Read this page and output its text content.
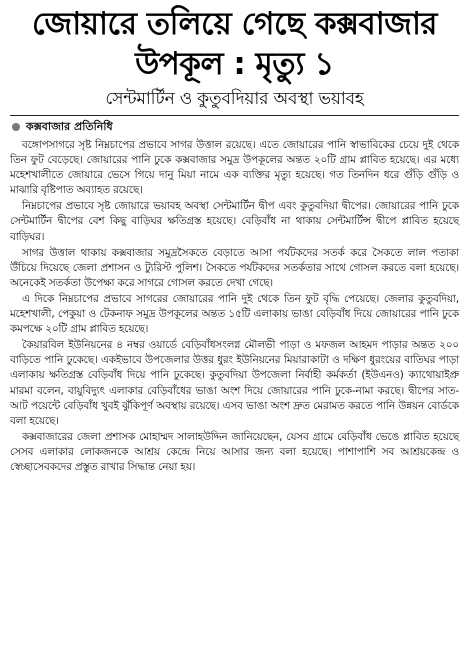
জোয়ারে তলিয়ে গেছে কক্সবাজার
উপকূল : মৃত্যু ১
সেন্টমার্টিন ও কুতুবদিয়ার অবস্থা ভয়াবহ
কক্সবাজার প্রতিনিধি

বঙ্গোপসাগরে সৃষ্ট নিম্নচাপের প্রভাবে সাগর উত্তাল রয়েছে। এতে জোয়ারের পানি স্বাভাবিকের চেয়ে দুই থেকে তিন ফুট বেড়েছে। জোয়ারের পানি ঢুকে কক্সবাজার সমুদ্র উপকূলের অন্তত ২০টি গ্রাম প্লাবিত হয়েছে। এর মধ্যে মহেশখালীতে জোয়ারে ভেসে গিয়ে দানু মিয়া নামে এক ব্যক্তির মৃত্যু হয়েছে। গত তিনদিন ধরে গুঁড়ি গুঁড়ি ও মাঝারি বৃষ্টিপাত অব্যাহত রয়েছে।

নিম্নচাপের প্রভাবে সৃষ্ট জোয়ারে ভয়াবহ অবস্থা সেন্টমার্টিন দ্বীপ এবং কুতুবদিয়া দ্বীপের। জোয়ারের পানি ঢুকে সেন্টমার্টিন দ্বীপের বেশ কিছু বাড়িঘর ক্ষতিগ্রস্ত হয়েছে। বেড়িবাঁধ না থাকায় সেন্টমার্টিন্স দ্বীপে প্লাবিত হয়েছে বাড়িঘর।

সাগর উত্তাল থাকায় কক্সবাজার সমুদ্রসৈকতে বেড়াতে আসা পর্যটকদের সতর্ক করে সৈকতে লাল পতাকা উঁচিয়ে দিয়েছে জেলা প্রশাসন ও ট্যুরিস্ট পুলিশ। সৈকতে পর্যটকদের সতর্কতার সাথে গোসল করতে বলা হয়েছে। অনেকেই সতর্কতা উপেক্ষা করে সাগরে গোসল করতে দেখা গেছে।

এ দিকে নিম্নচাপের প্রভাবে সাগরের জোয়ারের পানি দুই থেকে তিন ফুট বৃদ্ধি পেয়েছে। জেলার কুতুবদিয়া, মহেশখালী, পেকুয়া ও টেকনাফ সমুদ্র উপকূলের অন্তত ১৫টি এলাকায় ভাঙা বেড়িবাঁধ দিয়ে জোয়ারের পানি ঢুকে কমপক্ষে ২০টি গ্রাম প্লাবিত হয়েছে।

কৈয়ারবিল ইউনিয়নের ৪ নম্বর ওয়ার্ডে বেড়িবাঁধসংলগ্ন মৌলভী পাড়া ও মফজল আহমদ পাড়ার অন্তত ২০০ বাড়িতে পানি ঢুকেছে। একইভাবে উপজেলার উত্তর ধুরং ইউনিয়নের মিয়ারাকাটা ও দক্ষিণ ধুরংয়ের বাতিঘর পাড়া এলাকায় ক্ষতিগ্রস্ত বেড়িবাঁধ দিয়ে পানি ঢুকেছে। কুতুবদিয়া উপজেলা নির্বাহী কর্মকর্তা (ইউএনও) ক্যাথোয়াইপ্রু মারমা বলেন, বায়ুবিদ্যুৎ এলাকার বেড়িবাঁধের ভাঙা অংশ দিয়ে জোয়ারের পানি ঢুকে-নামা করছে। দ্বীপের সাত-আট পয়েন্টে বেড়িবাঁধ খুবই ঝুঁকিপূর্ণ অবস্থায় রয়েছে। এসব ভাঙা অংশ দ্রুত মেরামত করতে পানি উন্নয়ন বোর্ডকে বলা হয়েছে।

কক্সবাজারের জেলা প্রশাসক মোহাম্মদ সালাহউদ্দিন জানিয়েছেন, যেসব গ্রামে বেড়িবাঁধ ভেঙে প্লাবিত হয়েছে সেসব এলাকার লোকজনকে আশ্রয় কেন্দ্রে নিয়ে আসার জন্য বলা হয়েছে। পাশাপাশি সব আশ্রয়কেন্দ্র ও স্বেচ্ছাসেবকদের প্রস্তুত রাখার সিদ্ধান্ত নেয়া হয়।
